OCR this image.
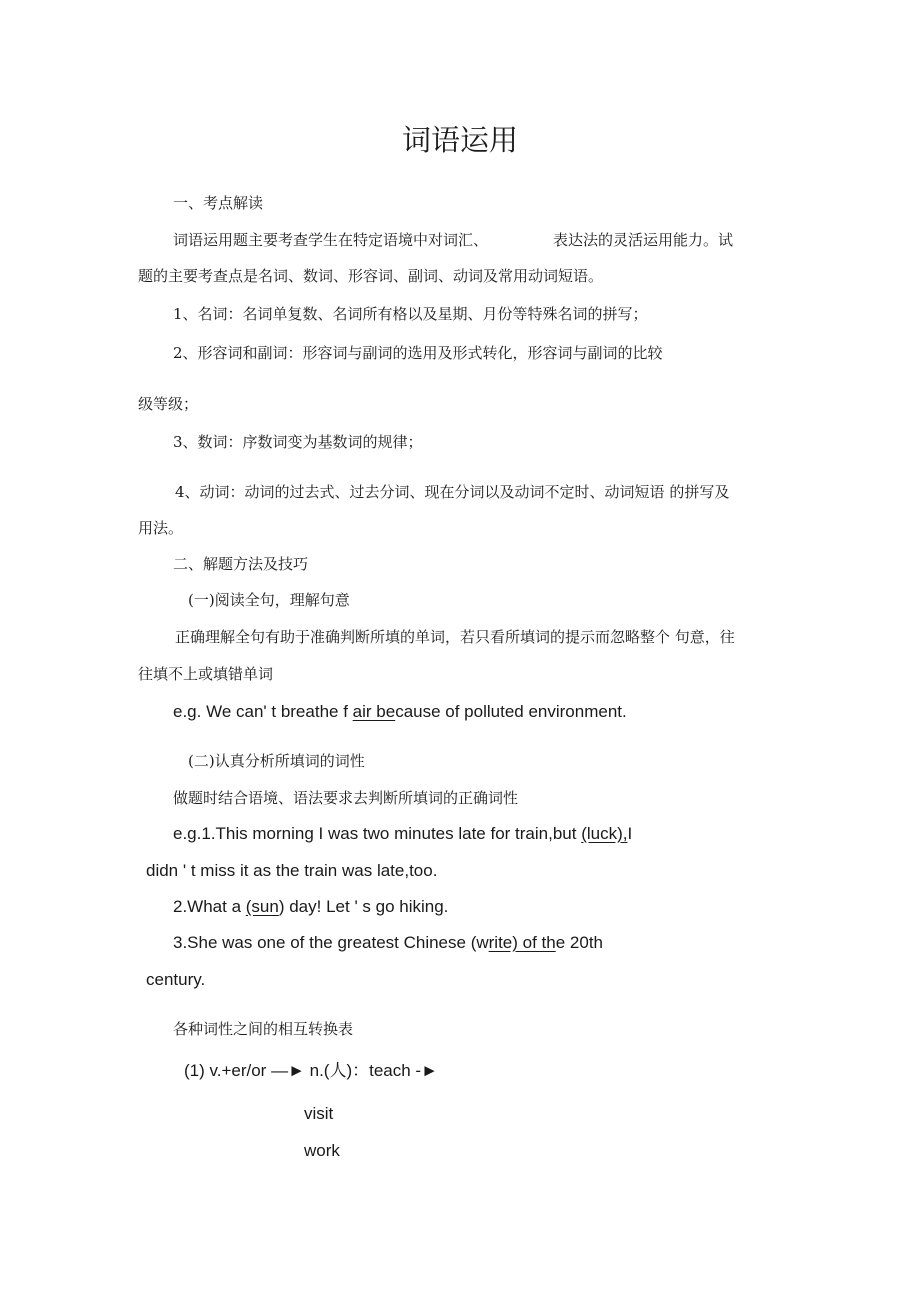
词语运用
一、考点解读
词语运用题主要考查学生在特定语境中对词汇、	表达法的灵活运用能力。试
题的主要考查点是名词、数词、形容词、副词、动词及常用动词短语。
1、名词：名词单复数、名词所有格以及星期、月份等特殊名词的拼写；
2、形容词和副词：形容词与副词的选用及形式转化，形容词与副词的比较
级等级；
3、数词：序数词变为基数词的规律；
4、动词：动词的过去式、过去分词、现在分词以及动词不定时、动词短语 的拼写及
用法。
二、解题方法及技巧
(一)阅读全句，理解句意
正确理解全句有助于准确判断所填的单词，若只看所填词的提示而忽略整个 句意，往
往填不上或填错单词
e.g. We can' t breathe f air because of polluted environment.
(二)认真分析所填词的词性
做题时结合语境、语法要求去判断所填词的正确词性
e.g.1.This morning I was two minutes late for train,but (luck),I
didn ' t miss it as the train was late,too.
2.What a (sun) day! Let ' s go hiking.
3.She was one of the greatest Chinese (write) of the 20th
century.
各种词性之间的相互转换表
(1) v.+er/or —► n.(人)：teach -►
visit
work
